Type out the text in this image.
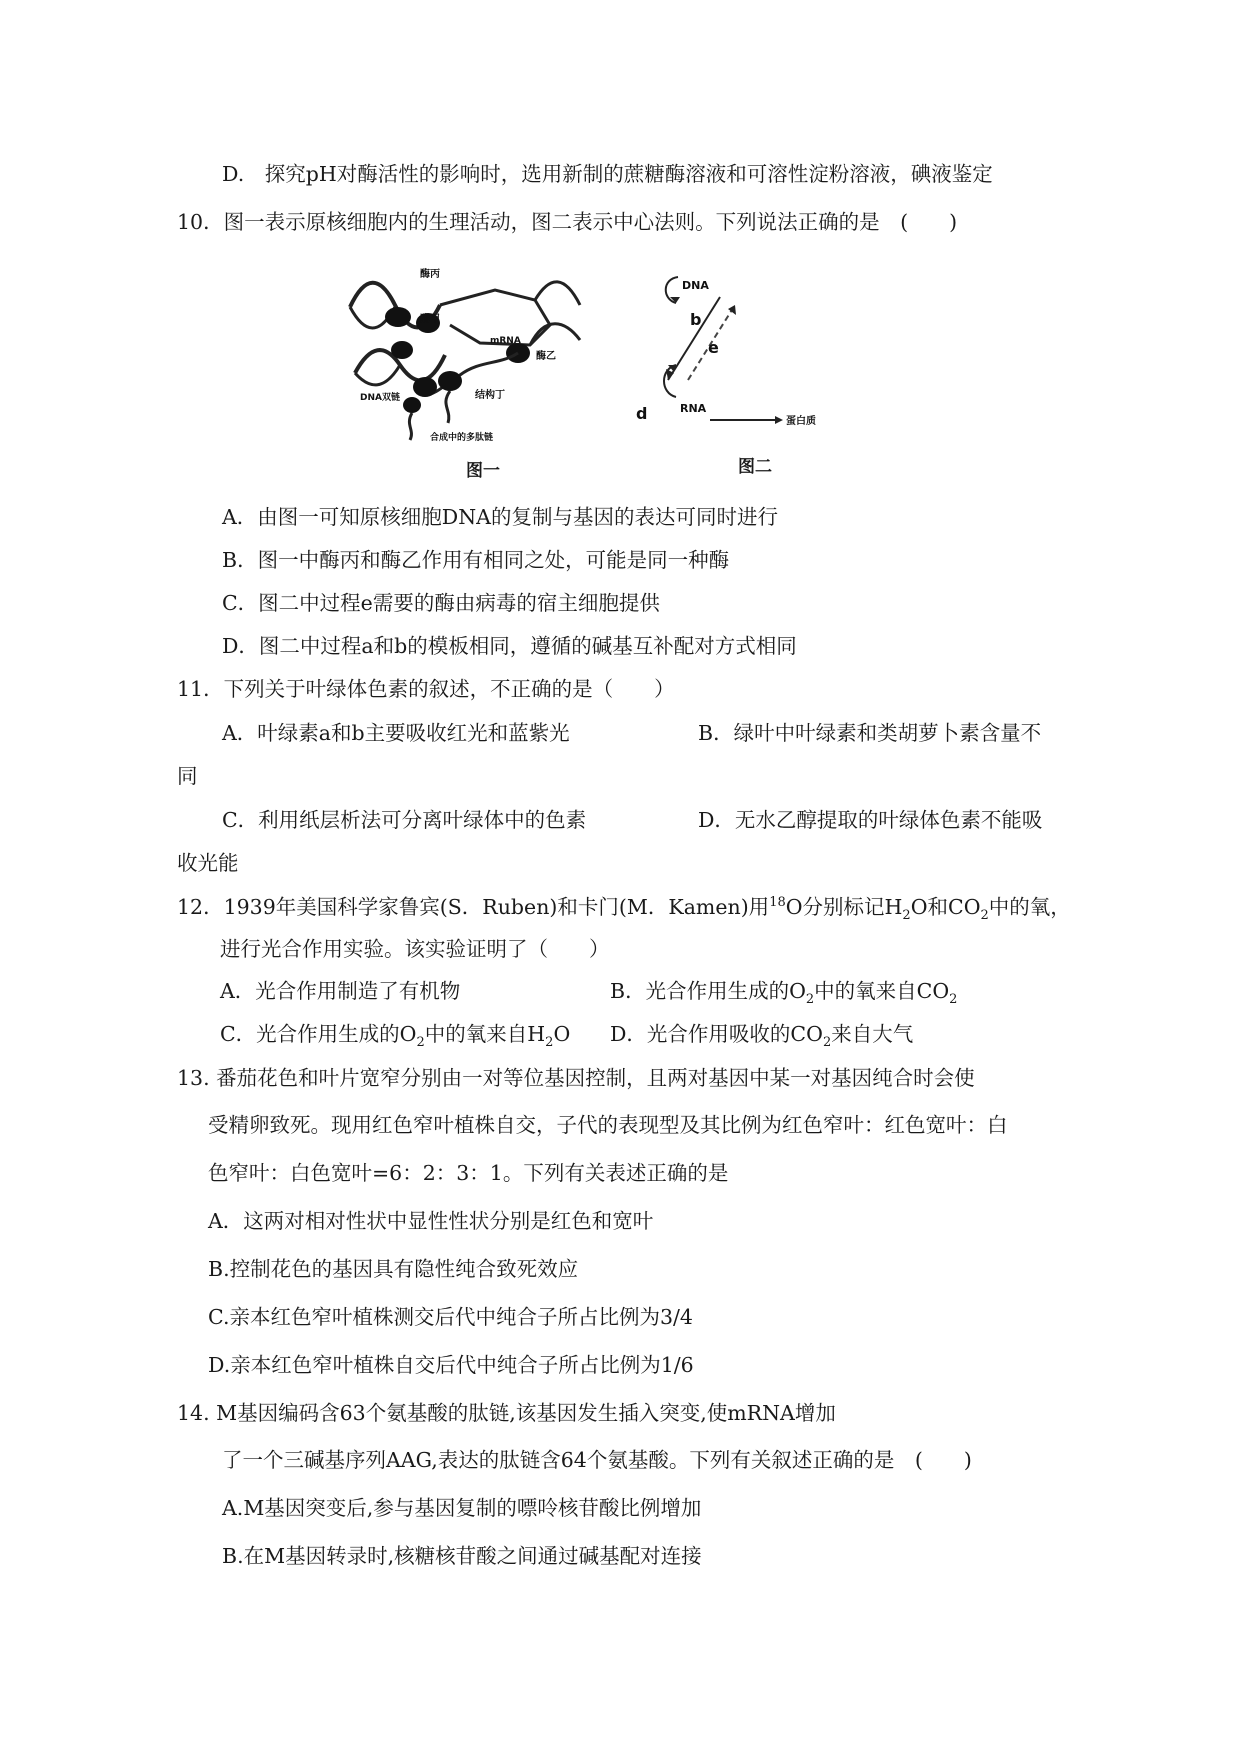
D.　探究pH对酶活性的影响时，选用新制的蔗糖酶溶液和可溶性淀粉溶液，碘液鉴定
10．图一表示原核细胞内的生理活动，图二表示中心法则。下列说法正确的是　(　　)
酶丙
酶甲
酶乙
mRNA
DNA双链	结构丁
合成中的多肽链
图一
DNA
b
e
d	RNA
蛋白质
图二
A．由图一可知原核细胞DNA的复制与基因的表达可同时进行
B．图一中酶丙和酶乙作用有相同之处，可能是同一种酶
C．图二中过程e需要的酶由病毒的宿主细胞提供
D．图二中过程a和b的模板相同，遵循的碱基互补配对方式相同
11．下列关于叶绿体色素的叙述，不正确的是（　　）
A．叶绿素a和b主要吸收红光和蓝紫光	B．绿叶中叶绿素和类胡萝卜素含量不
同
C．利用纸层析法可分离叶绿体中的色素	D．无水乙醇提取的叶绿体色素不能吸
收光能
12．1939年美国科学家鲁宾(S．Ruben)和卡门(M．Kamen)用$^{18}$O分别标记$H_2O$和$CO_2$中的氧，
进行光合作用实验。该实验证明了（　　）
A．光合作用制造了有机物	B．光合作用生成的$O_2$中的氧来自$CO_2$
C．光合作用生成的$O_2$中的氧来自$H_2O$ D．光合作用吸收的$CO_2$来自大气
13. 番茄花色和叶片宽窄分别由一对等位基因控制，且两对基因中某一对基因纯合时会使
受精卵致死。现用红色窄叶植株自交，子代的表现型及其比例为红色窄叶：红色宽叶：白
色窄叶：白色宽叶=6：2：3：1。下列有关表述正确的是
A．这两对相对性状中显性性状分别是红色和宽叶
B.控制花色的基因具有隐性纯合致死效应
C.亲本红色窄叶植株测交后代中纯合子所占比例为3/4
D.亲本红色窄叶植株自交后代中纯合子所占比例为1/6
14. M基因编码含63个氨基酸的肽链,该基因发生插入突变,使mRNA增加
了一个三碱基序列AAG,表达的肽链含64个氨基酸。下列有关叙述正确的是　(　　)
A.M基因突变后,参与基因复制的嘌呤核苷酸比例增加
B.在M基因转录时,核糖核苷酸之间通过碱基配对连接
